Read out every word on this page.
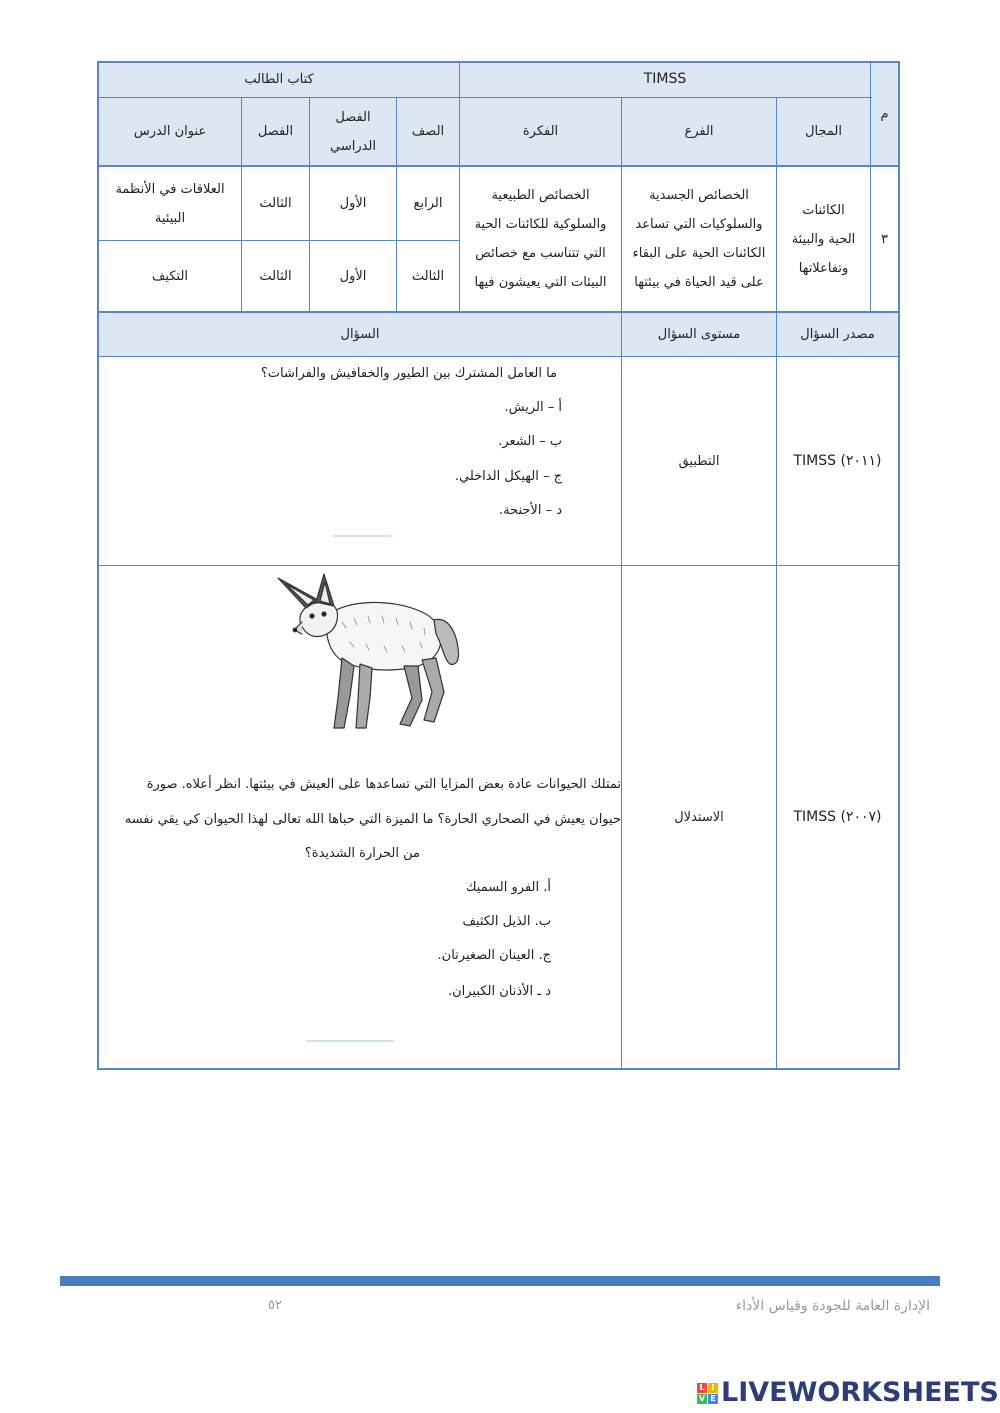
م
TIMSS
كتاب الطالب
المجال
الفرع
الفكرة
الصف
الفصل الدراسي
الفصل
عنوان الدرس
٣
الكائنات الحية والبيئة وتفاعلاتها
الخصائص الجسدية والسلوكيات التي تساعد الكائنات الحية على البقاء على قيد الحياة في بيئتها
الخصائص الطبيعية والسلوكية للكائنات الحية التي تتناسب مع خصائص البيئات التي يعيشون فيها
الرابع
الأول
الثالث
العلاقات في الأنظمة البيئية
الثالث
الأول
الثالث
التكيف
مصدر السؤال
مستوى السؤال
السؤال
TIMSS (٢٠١١)
التطبيق
ما العامل المشترك بين الطيور والخفافيش والفراشات؟
أ – الريش.
ب – الشعر.
ج – الهيكل الداخلي.
د – الأجنحة.
TIMSS (٢٠٠٧)
الاستدلال
تمتلك الحيوانات عادة بعض المزايا التي تساعدها على العيش في بيئتها. انظر أعلاه. صورة
حيوان يعيش في الصحاري الحارة؟ ما الميزة التي حباها الله تعالى لهذا الحيوان كي يقي نفسه
من الحرارة الشديدة؟
أ. الفرو السميك
ب. الذيل الكثيف
ج. العينان الصغيرتان.
د ـ الأذنان الكبيران.
٥٢	الإدارة العامة للجودة وقياس الأداء
L I
V E LIVEWORKSHEETS
